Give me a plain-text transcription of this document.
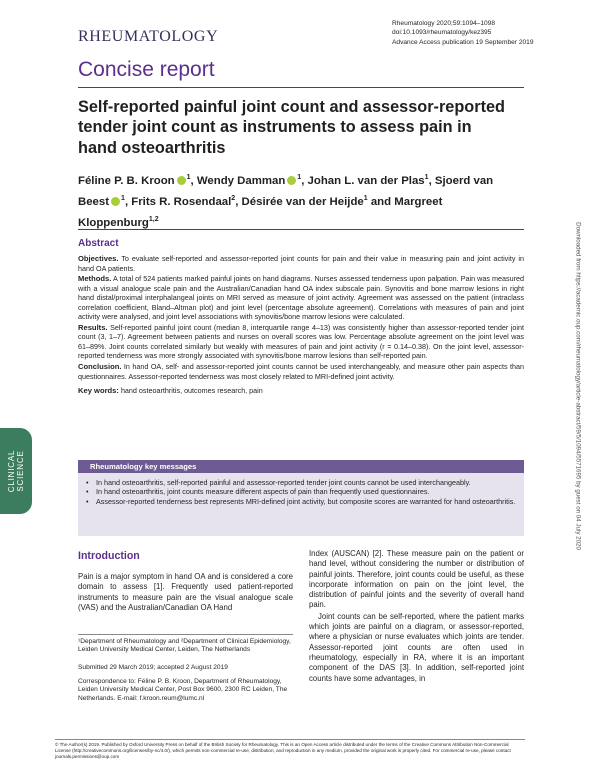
RHEUMATOLOGY
Rheumatology 2020;59:1094–1098
doi:10.1093/rheumatology/kez395
Advance Access publication 19 September 2019
Concise report
Self-reported painful joint count and assessor-reported tender joint count as instruments to assess pain in hand osteoarthritis
Féline P. B. Kroon $^1$, Wendy Damman $^1$, Johan L. van der Plas$^1$, Sjoerd van Beest $^1$, Frits R. Rosendaal$^2$, Désirée van der Heijde$^1$ and Margreet Kloppenburg$^{1,2}$
Abstract

Objectives. To evaluate self-reported and assessor-reported joint counts for pain and their value in measuring pain and joint activity in hand OA patients.

Methods. A total of 524 patients marked painful joints on hand diagrams. Nurses assessed tenderness upon palpation. Pain was measured with a visual analogue scale pain and the Australian/Canadian hand OA index subscale pain. Synovitis and bone marrow lesions in right hand distal/proximal interphalangeal joints on MRI served as measure of joint activity. Agreement was assessed on the patient (intraclass correlation coefficient, Bland–Altman plot) and joint level (percentage absolute agreement). Correlations with measures of pain and joint activity were analysed, and joint level associations with synovitis/bone marrow lesions were calculated.

Results. Self-reported painful joint count (median 8, interquartile range 4–13) was consistently higher than assessor-reported tender joint count (3, 1–7). Agreement between patients and nurses on overall scores was low. Percentage absolute agreement on the joint level was 61–89%. Joint counts correlated similarly but weakly with measures of pain and joint activity (r = 0.14–0.38). On the joint level, assessor-reported tenderness was more strongly associated with synovitis/bone marrow lesions than self-reported pain.

Conclusion. In hand OA, self- and assessor-reported joint counts cannot be used interchangeably, and measure other pain aspects than questionnaires. Assessor-reported tenderness was most closely related to MRI-defined joint activity.

Key words: hand osteoarthritis, outcomes research, pain

CLINICAL SCIENCE	Downloaded from https://academic.oup.com/rheumatology/article-abstract/59/5/1094/5571695 by guest on 04 July 2020
Rheumatology key messages
• In hand osteoarthritis, self-reported painful and assessor-reported tender joint counts cannot be used interchangeably.
• In hand osteoarthritis, joint counts measure different aspects of pain than frequently used questionnaires.
• Assessor-reported tenderness best represents MRI-defined joint activity, but composite scores are warranted for hand osteoarthritis.
Introduction

Pain is a major symptom in hand OA and is considered a core domain to assess [1]. Frequently used patient-reported instruments to measure pain are the visual analogue scale (VAS) and the Australian/Canadian OA Hand

Index (AUSCAN) [2]. These measure pain on the patient or hand level, without considering the number or distribution of painful joints. Therefore, joint counts could be useful, as these incorporate information on pain on the joint level, the distribution of painful joints and the severity of overall hand pain.

Joint counts can be self-reported, where the patient marks which joints are painful on a diagram, or assessor-reported, where a physician or nurse evaluates which joints are tender. Assessor-reported joint counts are often used in rheumatology, especially in RA, where it is an important component of the DAS [3]. In addition, self-reported joint counts have some advantages, in

¹Department of Rheumatology and ²Department of Clinical Epidemiology, Leiden University Medical Center, Leiden, The Netherlands
Submitted 29 March 2019; accepted 2 August 2019
Correspondence to: Féline P. B. Kroon, Department of Rheumatology, Leiden University Medical Center, Post Box 9600, 2300 RC Leiden, The Netherlands. E-mail: f.kroon.reum@lumc.nl
© The Author(s) 2019. Published by Oxford University Press on behalf of the British Society for Rheumatology. This is an Open Access article distributed under the terms of the Creative Commons Attribution Non-Commercial License (http://creativecommons.org/licenses/by-nc/4.0/), which permits non-commercial re-use, distribution, and reproduction in any medium, provided the original work is properly cited. For commercial re-use, please contact journals.permissions@oup.com
